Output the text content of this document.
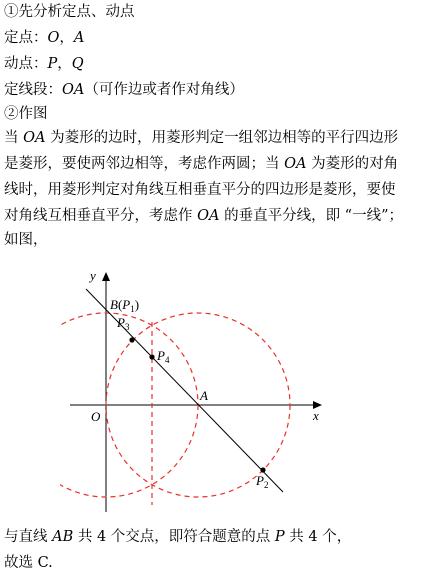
①先分析定点、动点
定点：O，A
动点：P，Q
定线段：OA（可作边或者作对角线）
②作图
当 OA 为菱形的边时，用菱形判定一组邻边相等的平行四边形
是菱形，要使两邻边相等，考虑作两圆；当 OA 为菱形的对角
线时，用菱形判定对角线互相垂直平分的四边形是菱形，要使
对角线互相垂直平分，考虑作 OA 的垂直平分线，即 “一线”；
如图，
y
x
O
A
$B(P_1)$
$P_3$
$P_4$
$P_2$
与直线 AB 共 4 个交点，即符合题意的点 P 共 4 个，
故选 C.
